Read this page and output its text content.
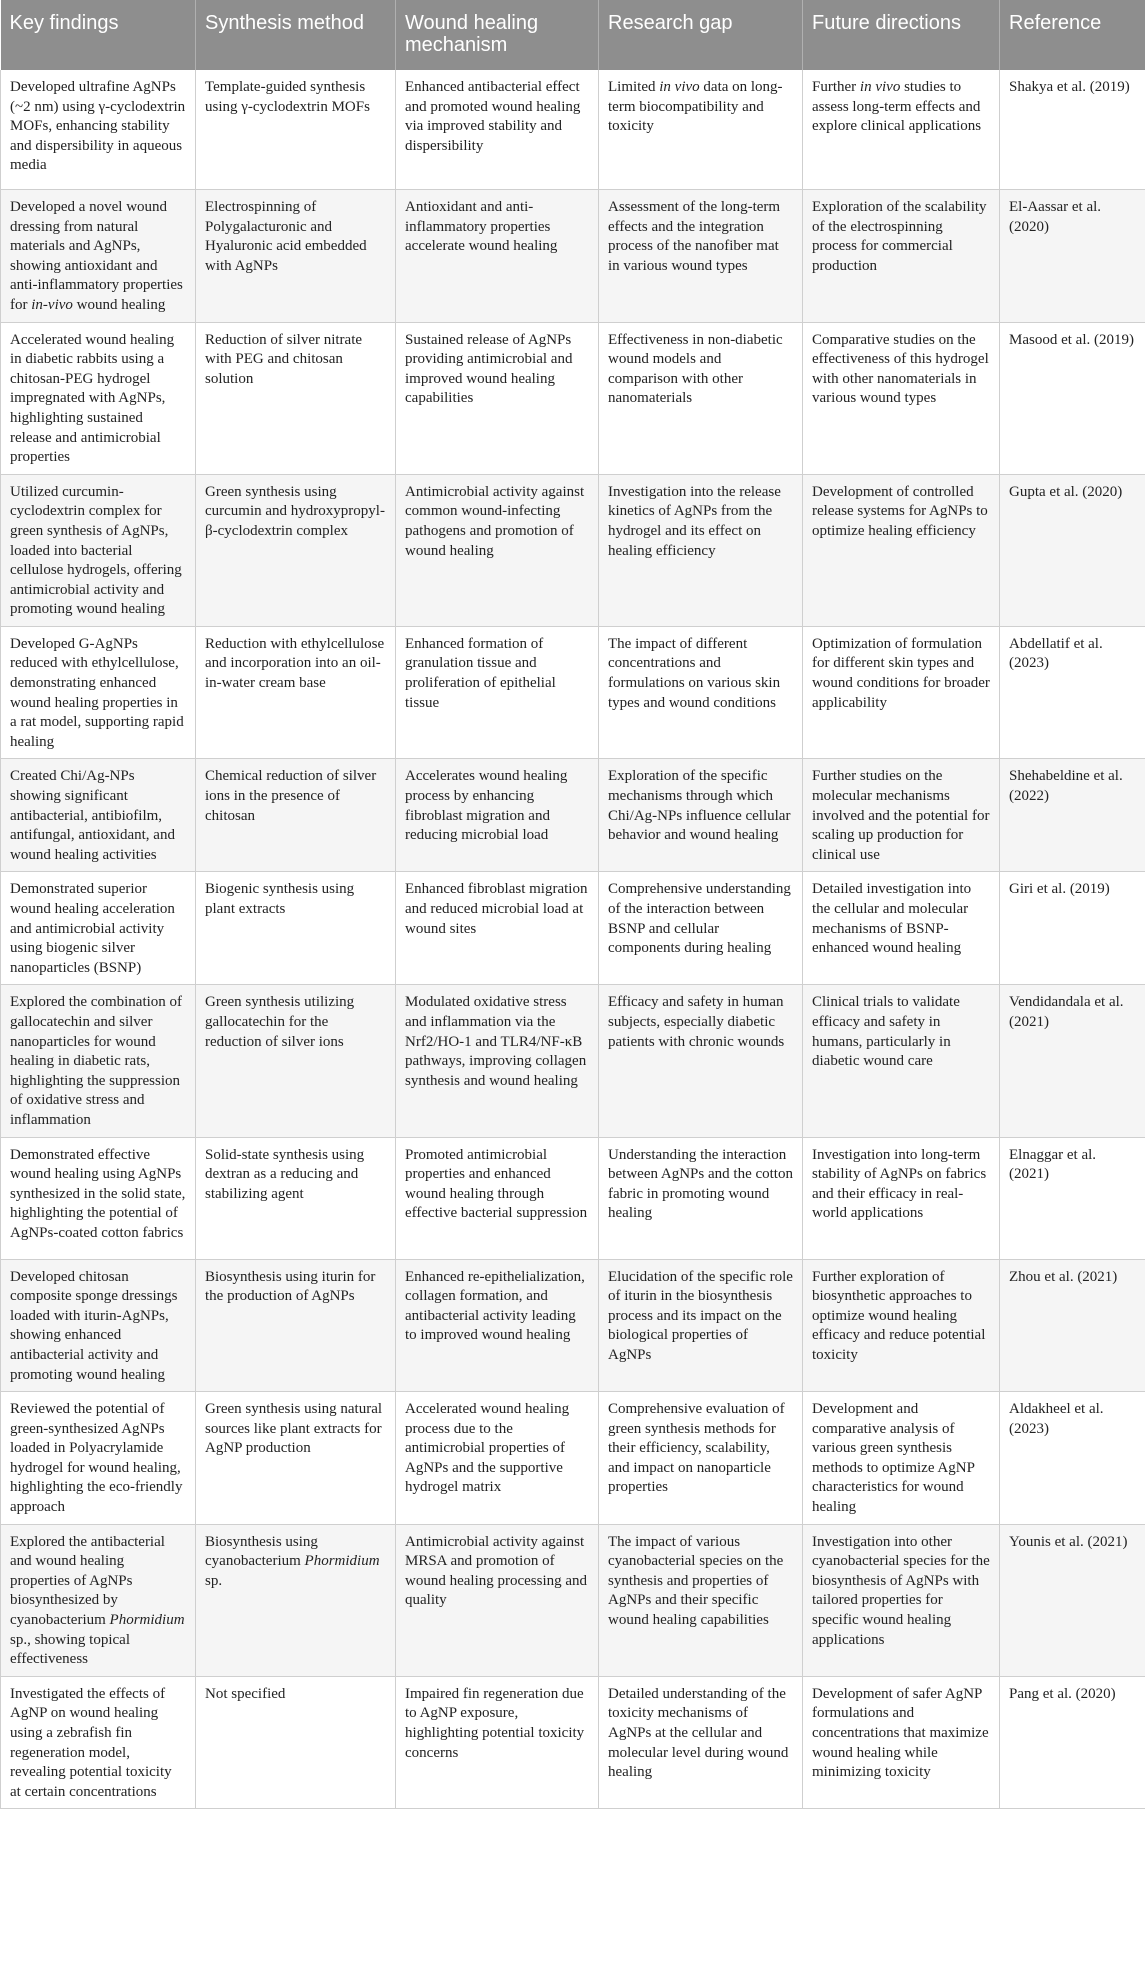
Key findings	Synthesis method	Wound healing mechanism	Research gap	Future directions	Reference
Developed ultrafine AgNPs (~2 nm) using γ-cyclodextrin MOFs, enhancing stability and dispersibility in aqueous media	Template-guided synthesis using γ-cyclodextrin MOFs	Enhanced antibacterial effect and promoted wound healing via improved stability and dispersibility	Limited in vivo data on long-term biocompatibility and toxicity	Further in vivo studies to assess long-term effects and explore clinical applications	Shakya et al. (2019)
Developed a novel wound dressing from natural materials and AgNPs, showing antioxidant and anti-inflammatory properties for in-vivo wound healing	Electrospinning of Polygalacturonic and Hyaluronic acid embedded with AgNPs	Antioxidant and anti-inflammatory properties accelerate wound healing	Assessment of the long-term effects and the integration process of the nanofiber mat in various wound types	Exploration of the scalability of the electrospinning process for commercial production	El-Aassar et al. (2020)
Accelerated wound healing in diabetic rabbits using a chitosan-PEG hydrogel impregnated with AgNPs, highlighting sustained release and antimicrobial properties	Reduction of silver nitrate with PEG and chitosan solution	Sustained release of AgNPs providing antimicrobial and improved wound healing capabilities	Effectiveness in non-diabetic wound models and comparison with other nanomaterials	Comparative studies on the effectiveness of this hydrogel with other nanomaterials in various wound types	Masood et al. (2019)
Utilized curcumin-cyclodextrin complex for green synthesis of AgNPs, loaded into bacterial cellulose hydrogels, offering antimicrobial activity and promoting wound healing	Green synthesis using curcumin and hydroxypropyl-β-cyclodextrin complex	Antimicrobial activity against common wound-infecting pathogens and promotion of wound healing	Investigation into the release kinetics of AgNPs from the hydrogel and its effect on healing efficiency	Development of controlled release systems for AgNPs to optimize healing efficiency	Gupta et al. (2020)
Developed G-AgNPs reduced with ethylcellulose, demonstrating enhanced wound healing properties in a rat model, supporting rapid healing	Reduction with ethylcellulose and incorporation into an oil-in-water cream base	Enhanced formation of granulation tissue and proliferation of epithelial tissue	The impact of different concentrations and formulations on various skin types and wound conditions	Optimization of formulation for different skin types and wound conditions for broader applicability	Abdellatif et al. (2023)
Created Chi/Ag-NPs showing significant antibacterial, antibiofilm, antifungal, antioxidant, and wound healing activities	Chemical reduction of silver ions in the presence of chitosan	Accelerates wound healing process by enhancing fibroblast migration and reducing microbial load	Exploration of the specific mechanisms through which Chi/Ag-NPs influence cellular behavior and wound healing	Further studies on the molecular mechanisms involved and the potential for scaling up production for clinical use	Shehabeldine et al. (2022)
Demonstrated superior wound healing acceleration and antimicrobial activity using biogenic silver nanoparticles (BSNP)	Biogenic synthesis using plant extracts	Enhanced fibroblast migration and reduced microbial load at wound sites	Comprehensive understanding of the interaction between BSNP and cellular components during healing	Detailed investigation into the cellular and molecular mechanisms of BSNP-enhanced wound healing	Giri et al. (2019)
Explored the combination of gallocatechin and silver nanoparticles for wound healing in diabetic rats, highlighting the suppression of oxidative stress and inflammation	Green synthesis utilizing gallocatechin for the reduction of silver ions	Modulated oxidative stress and inflammation via the Nrf2/HO-1 and TLR4/NF-κB pathways, improving collagen synthesis and wound healing	Efficacy and safety in human subjects, especially diabetic patients with chronic wounds	Clinical trials to validate efficacy and safety in humans, particularly in diabetic wound care	Vendidandala et al. (2021)
Demonstrated effective wound healing using AgNPs synthesized in the solid state, highlighting the potential of AgNPs-coated cotton fabrics	Solid-state synthesis using dextran as a reducing and stabilizing agent	Promoted antimicrobial properties and enhanced wound healing through effective bacterial suppression	Understanding the interaction between AgNPs and the cotton fabric in promoting wound healing	Investigation into long-term stability of AgNPs on fabrics and their efficacy in real-world applications	Elnaggar et al. (2021)
Developed chitosan composite sponge dressings loaded with iturin-AgNPs, showing enhanced antibacterial activity and promoting wound healing	Biosynthesis using iturin for the production of AgNPs	Enhanced re-epithelialization, collagen formation, and antibacterial activity leading to improved wound healing	Elucidation of the specific role of iturin in the biosynthesis process and its impact on the biological properties of AgNPs	Further exploration of biosynthetic approaches to optimize wound healing efficacy and reduce potential toxicity	Zhou et al. (2021)
Reviewed the potential of green-synthesized AgNPs loaded in Polyacrylamide hydrogel for wound healing, highlighting the eco-friendly approach	Green synthesis using natural sources like plant extracts for AgNP production	Accelerated wound healing process due to the antimicrobial properties of AgNPs and the supportive hydrogel matrix	Comprehensive evaluation of green synthesis methods for their efficiency, scalability, and impact on nanoparticle properties	Development and comparative analysis of various green synthesis methods to optimize AgNP characteristics for wound healing	Aldakheel et al. (2023)
Explored the antibacterial and wound healing properties of AgNPs biosynthesized by cyanobacterium Phormidium sp., showing topical effectiveness	Biosynthesis using cyanobacterium Phormidium sp.	Antimicrobial activity against MRSA and promotion of wound healing processing and quality	The impact of various cyanobacterial species on the synthesis and properties of AgNPs and their specific wound healing capabilities	Investigation into other cyanobacterial species for the biosynthesis of AgNPs with tailored properties for specific wound healing applications	Younis et al. (2021)
Investigated the effects of AgNP on wound healing using a zebrafish fin regeneration model, revealing potential toxicity at certain concentrations	Not specified	Impaired fin regeneration due to AgNP exposure, highlighting potential toxicity concerns	Detailed understanding of the toxicity mechanisms of AgNPs at the cellular and molecular level during wound healing	Development of safer AgNP formulations and concentrations that maximize wound healing while minimizing toxicity	Pang et al. (2020)
